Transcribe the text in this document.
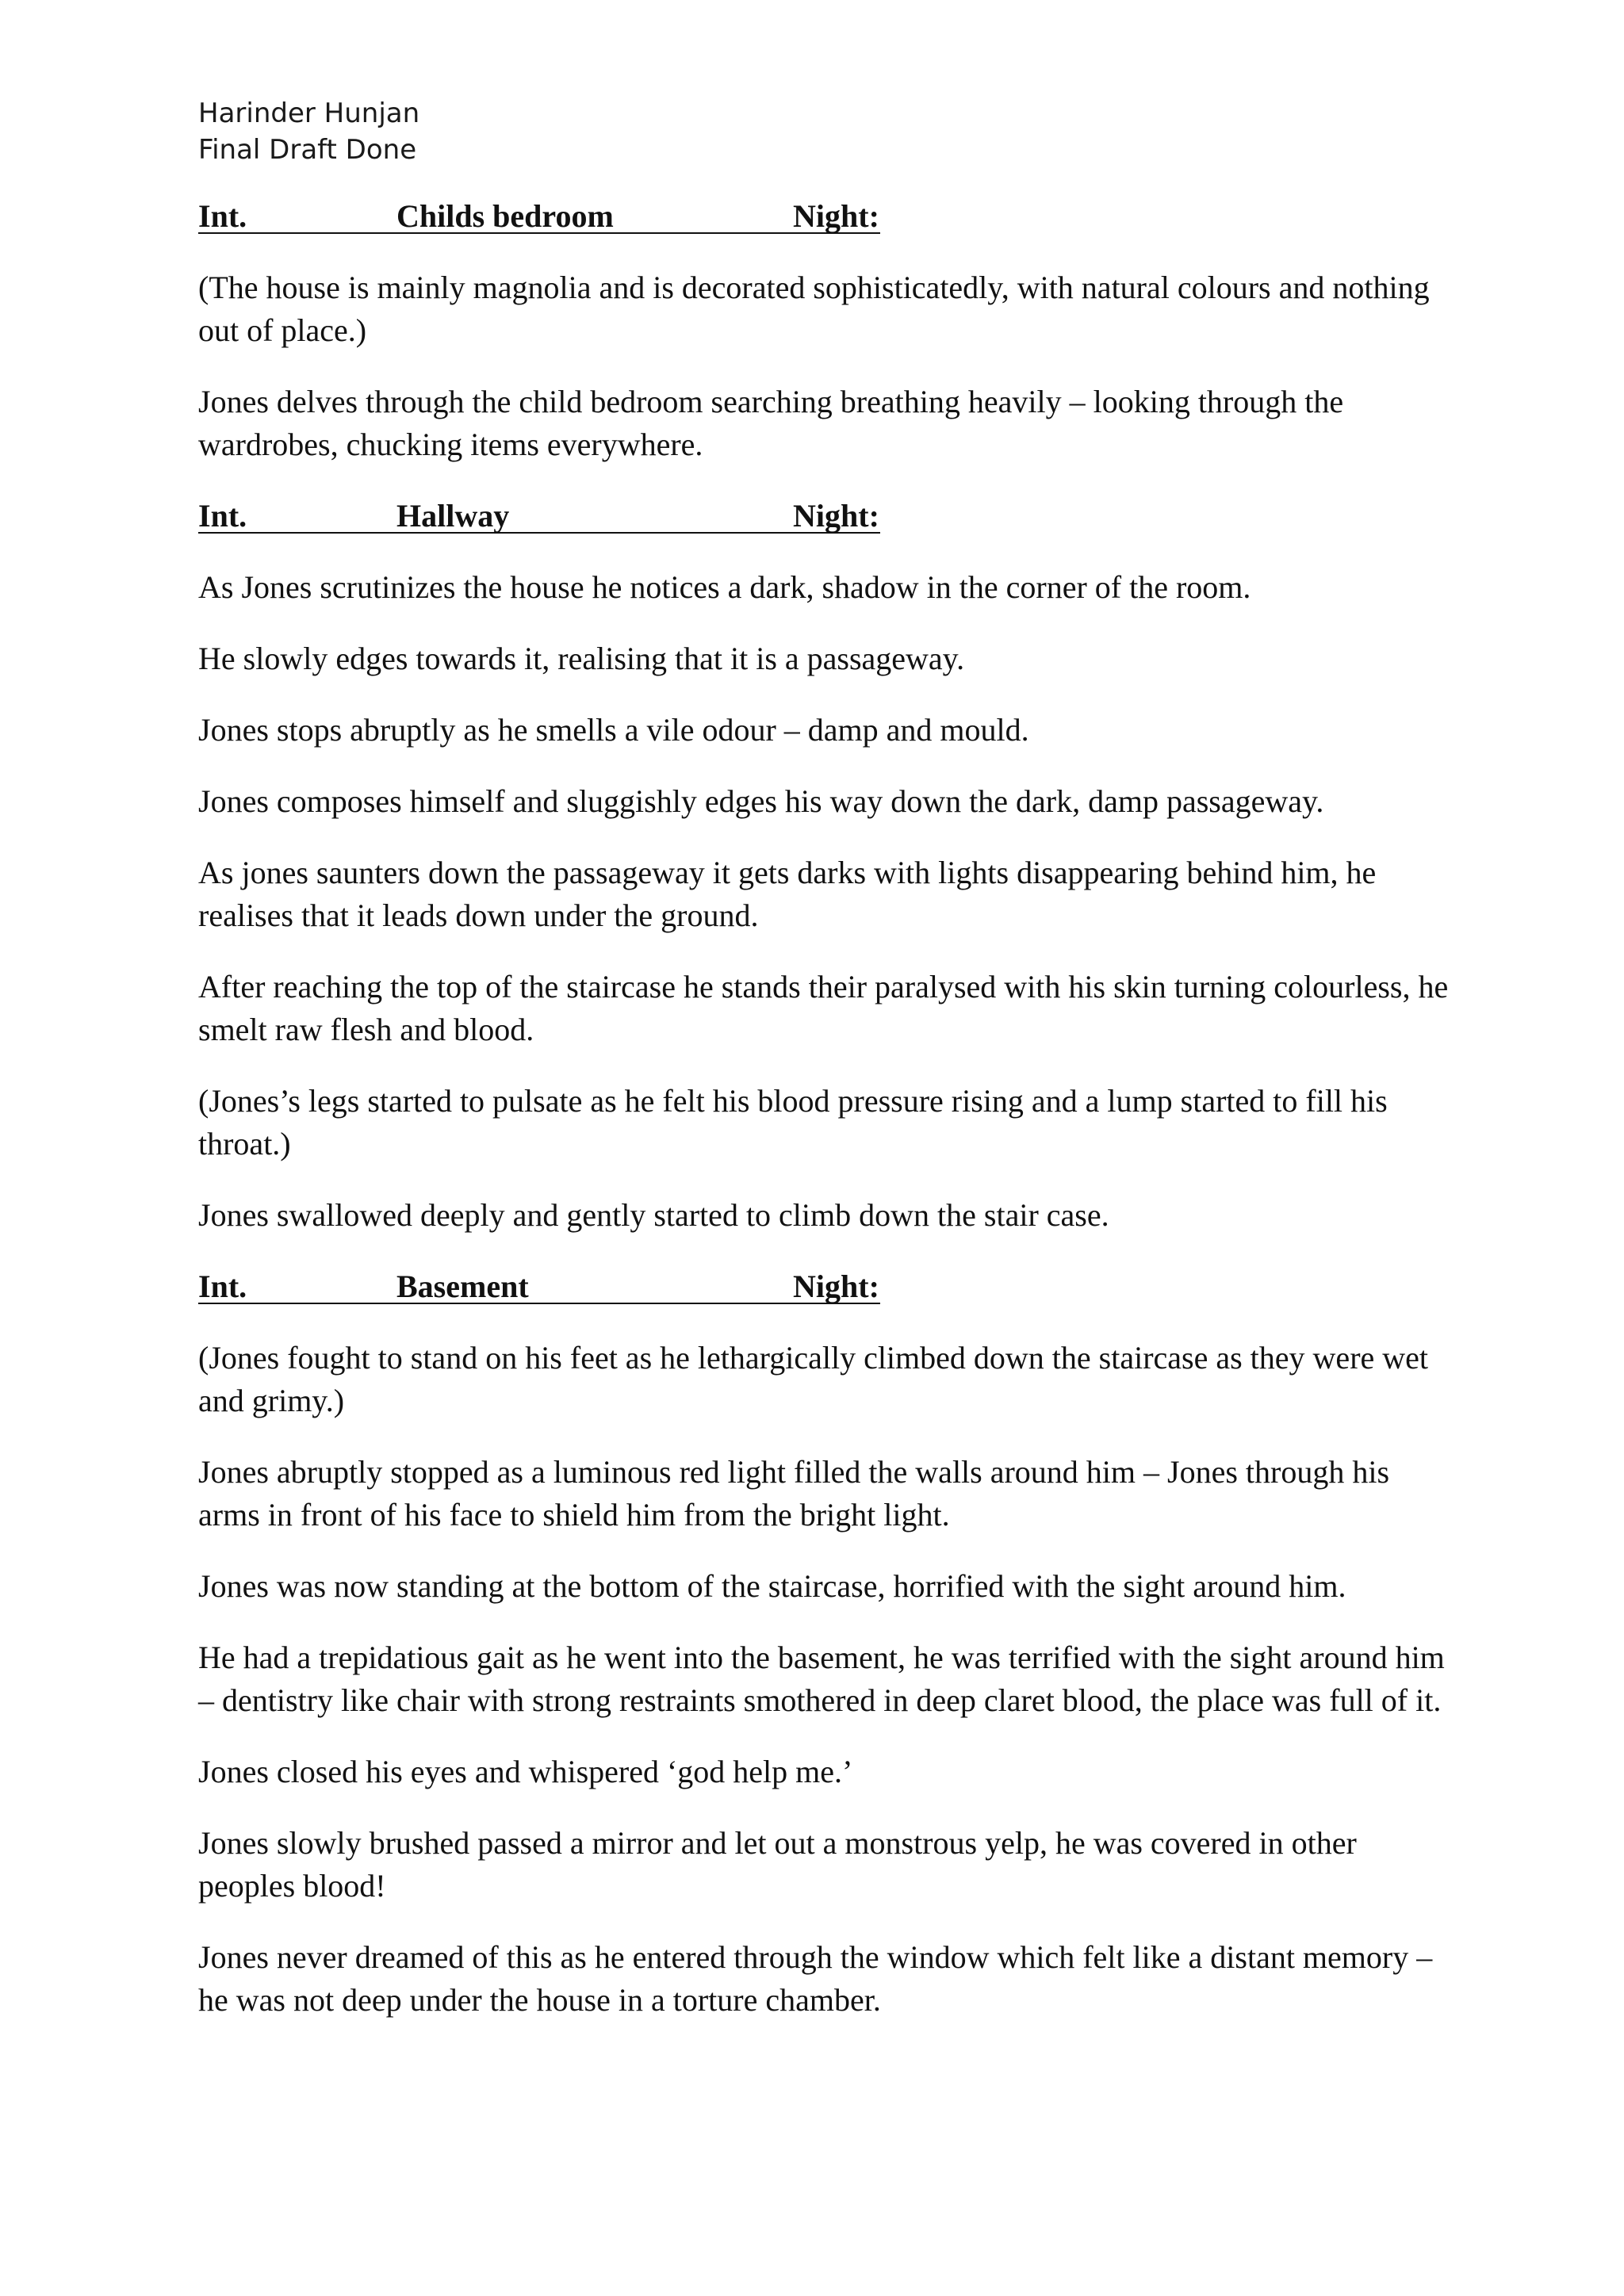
Harinder Hunjan
Final Draft Done
Int.	Childs bedroom	Night:

(The house is mainly magnolia and is decorated sophisticatedly, with natural colours and nothing out of place.)

Jones delves through the child bedroom searching breathing heavily – looking through the wardrobes, chucking items everywhere.

Int.	Hallway	Night:

As Jones scrutinizes the house he notices a dark, shadow in the corner of the room.

He slowly edges towards it, realising that it is a passageway.

Jones stops abruptly as he smells a vile odour – damp and mould.

Jones composes himself and sluggishly edges his way down the dark, damp passageway.

As jones saunters down the passageway it gets darks with lights disappearing behind him, he realises that it leads down under the ground.

After reaching the top of the staircase he stands their paralysed with his skin turning colourless, he smelt raw flesh and blood.

(Jones’s legs started to pulsate as he felt his blood pressure rising and a lump started to fill his throat.)

Jones swallowed deeply and gently started to climb down the stair case.

Int.	Basement	Night:

(Jones fought to stand on his feet as he lethargically climbed down the staircase as they were wet and grimy.)

Jones abruptly stopped as a luminous red light filled the walls around him – Jones through his arms in front of his face to shield him from the bright light.

Jones was now standing at the bottom of the staircase, horrified with the sight around him.

He had a trepidatious gait as he went into the basement, he was terrified with the sight around him – dentistry like chair with strong restraints smothered in deep claret blood, the place was full of it.

Jones closed his eyes and whispered ‘god help me.’

Jones slowly brushed passed a mirror and let out a monstrous yelp, he was covered in other peoples blood!

Jones never dreamed of this as he entered through the window which felt like a distant memory – he was not deep under the house in a torture chamber.
